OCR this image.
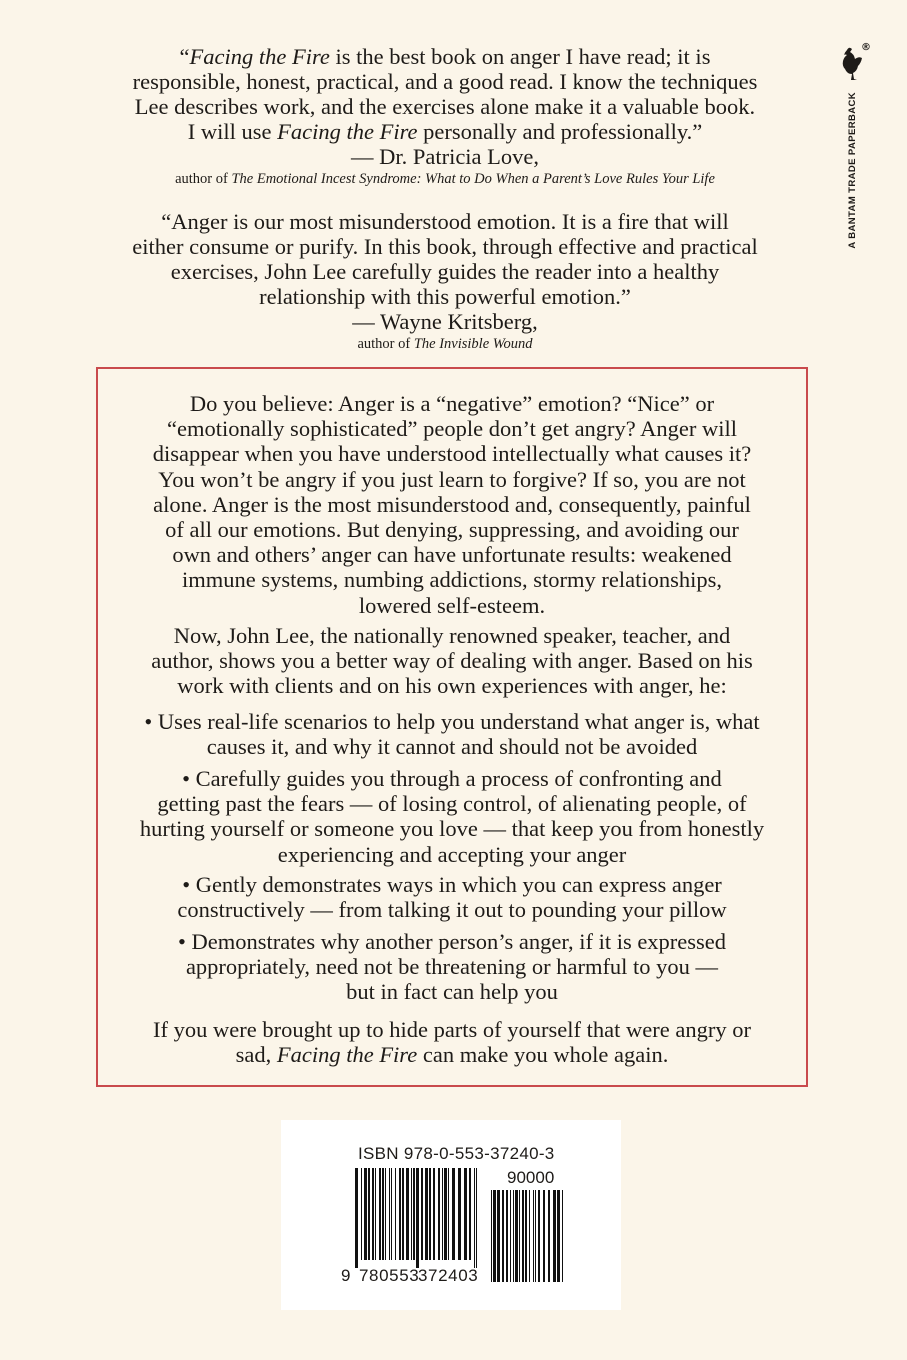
“Facing the Fire is the best book on anger I have read; it is
responsible, honest, practical, and a good read. I know the techniques
Lee describes work, and the exercises alone make it a valuable book.
I will use Facing the Fire personally and professionally.”
— Dr. Patricia Love,
author of The Emotional Incest Syndrome: What to Do When a Parent’s Love Rules Your Life
“Anger is our most misunderstood emotion. It is a fire that will
either consume or purify. In this book, through effective and practical
exercises, John Lee carefully guides the reader into a healthy
relationship with this powerful emotion.”
— Wayne Kritsberg,
author of The Invisible Wound
®
A BANTAM TRADE PAPERBACK
Do you believe: Anger is a “negative” emotion? “Nice” or
“emotionally sophisticated” people don’t get angry? Anger will
disappear when you have understood intellectually what causes it?
You won’t be angry if you just learn to forgive? If so, you are not
alone. Anger is the most misunderstood and, consequently, painful
of all our emotions. But denying, suppressing, and avoiding our
own and others’ anger can have unfortunate results: weakened
immune systems, numbing addictions, stormy relationships,
lowered self-esteem.
Now, John Lee, the nationally renowned speaker, teacher, and
author, shows you a better way of dealing with anger. Based on his
work with clients and on his own experiences with anger, he:
• Uses real-life scenarios to help you understand what anger is, what
causes it, and why it cannot and should not be avoided
• Carefully guides you through a process of confronting and
getting past the fears — of losing control, of alienating people, of
hurting yourself or someone you love — that keep you from honestly
experiencing and accepting your anger
• Gently demonstrates ways in which you can express anger
constructively — from talking it out to pounding your pillow
• Demonstrates why another person’s anger, if it is expressed
appropriately, need not be threatening or harmful to you —
but in fact can help you
If you were brought up to hide parts of yourself that were angry or
sad, Facing the Fire can make you whole again.
ISBN 978-0-553-37240-3
90000
9 780553
372403
